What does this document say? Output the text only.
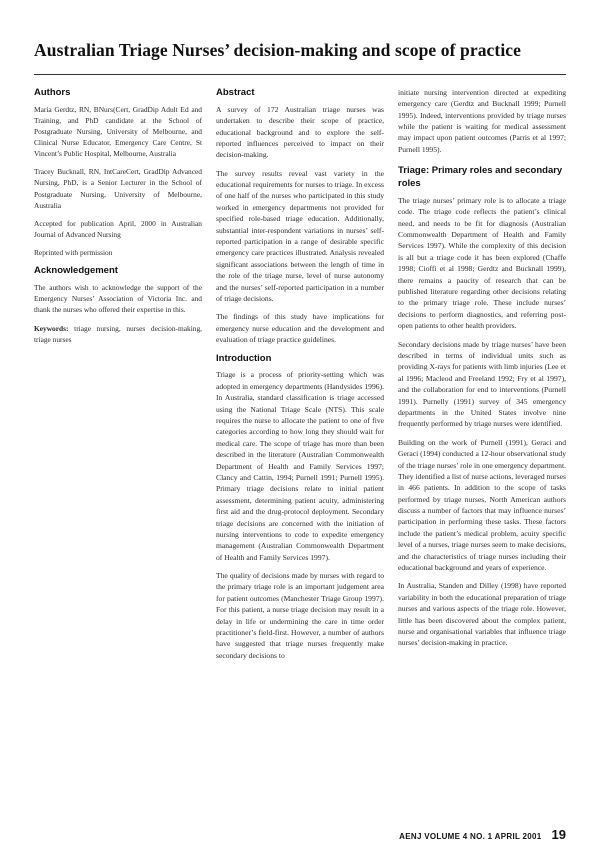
Australian Triage Nurses’ decision-making and scope of practice
Authors

Maria Gerdtz, RN, BNurs(Cert, GradDip Adult Ed and Training, and PhD candidate at the School of Postgraduate Nursing, University of Melbourne, and Clinical Nurse Educator, Emergency Care Centre, St Vincent’s Public Hospital, Melbourne, Australia

Tracey Bucknall, RN, IntCareCert, GradDip Advanced Nursing, PhD, is a Senior Lecturer in the School of Postgraduate Nursing, University of Melbourne, Australia

Accepted for publication April, 2000 in Australian Journal of Advanced Nursing

Reprinted with permission

Acknowledgement

The authors wish to acknowledge the support of the Emergency Nurses’ Association of Victoria Inc. and thank the nurses who offered their expertise in this.

Keywords: triage nursing, nurses decision-making, triage nurses

Abstract

A survey of 172 Australian triage nurses was undertaken to describe their scope of practice, educational background and to explore the self-reported influences perceived to impact on their decision-making.

The survey results reveal vast variety in the educational requirements for nurses to triage. In excess of one half of the nurses who participated in this study worked in emergency departments not provided for specified role-based triage education. Additionally, substantial inter-respondent variations in nurses’ self-reported participation in a range of desirable specific emergency care practices illustrated. Analysis revealed significant associations between the length of time in the role of the triage nurse, level of nurse autonomy and the nurses’ self-reported participation in a number of triage decisions.

The findings of this study have implications for emergency nurse education and the development and evaluation of triage practice guidelines.

Introduction

Triage is a process of priority-setting which was adopted in emergency departments (Handysides 1996). In Australia, standard classification is triage accessed using the National Triage Scale (NTS). This scale requires the nurse to allocate the patient to one of five categories according to how long they should wait for medical care. The scope of triage has more than been described in the literature (Australian Commonwealth Department of Health and Family Services 1997; Clancy and Cattin, 1994; Purnell 1991; Purnell 1995). Primary triage decisions relate to initial patient assessment, determining patient acuity, administering first aid and the drug-protocol deployment. Secondary triage decisions are concerned with the initiation of nursing interventions to code to expedite emergency management (Australian Commonwealth Department of Health and Family Services 1997).

The quality of decisions made by nurses with regard to the primary triage role is an important judgement area for patient outcomes (Manchester Triage Group 1997). For this patient, a nurse triage decision may result in a delay in life or undermining the care in time order practitioner’s field-first. However, a number of authors have suggested that triage nurses frequently make secondary decisions to

initiate nursing intervention directed at expediting emergency care (Gerdtz and Bucknall 1999; Purnell 1995). Indeed, interventions provided by triage nurses while the patient is waiting for medical assessment may impact upon patient outcomes (Parris et al 1997; Purnell 1995).

Triage: Primary roles and secondary roles

The triage nurses’ primary role is to allocate a triage code. The triage code reflects the patient’s clinical need, and needs to be fit for diagnosis (Australian Commonwealth Department of Health and Family Services 1997). While the complexity of this decision is all but a triage code it has been explored (Chaffe 1998; Cioffi et al 1998; Gerdtz and Bucknall 1999), there remains a paucity of research that can be published literature regarding other decisions relating to the primary triage role. These include nurses’ decisions to perform diagnostics, and referring post-open patients to other health providers.

Secondary decisions made by triage nurses’ have been described in terms of individual units such as providing X-rays for patients with limb injuries (Lee et al 1996; Macleod and Freeland 1992; Fry et al 1997), and the collaboration for end to interventions (Purnell 1991). Purnelly (1991) survey of 345 emergency departments in the United States involve nine frequently performed by triage nurses were identified.

Building on the work of Purnell (1991), Geraci and Geraci (1994) conducted a 12-hour observational study of the triage nurses’ role in one emergency department. They identified a list of nurse actions, leveraged nurses in 466 patients. In addition to the scope of tasks performed by triage nurses, North American authors discuss a number of factors that may influence nurses’ participation in performing these tasks. These factors include the patient’s medical problem, acuity specific level of a nurses, triage nurses seem to make decisions, and the characteristics of triage nurses including their educational background and years of experience.

In Australia, Standen and Dilley (1998) have reported variability in both the educational preparation of triage nurses and various aspects of the triage role. However, little has been discovered about the complex patient, nurse and organisational variables that influence triage nurses’ decision-making in practice.

AENJ VOLUME 4 NO. 1 APRIL 2001 19
